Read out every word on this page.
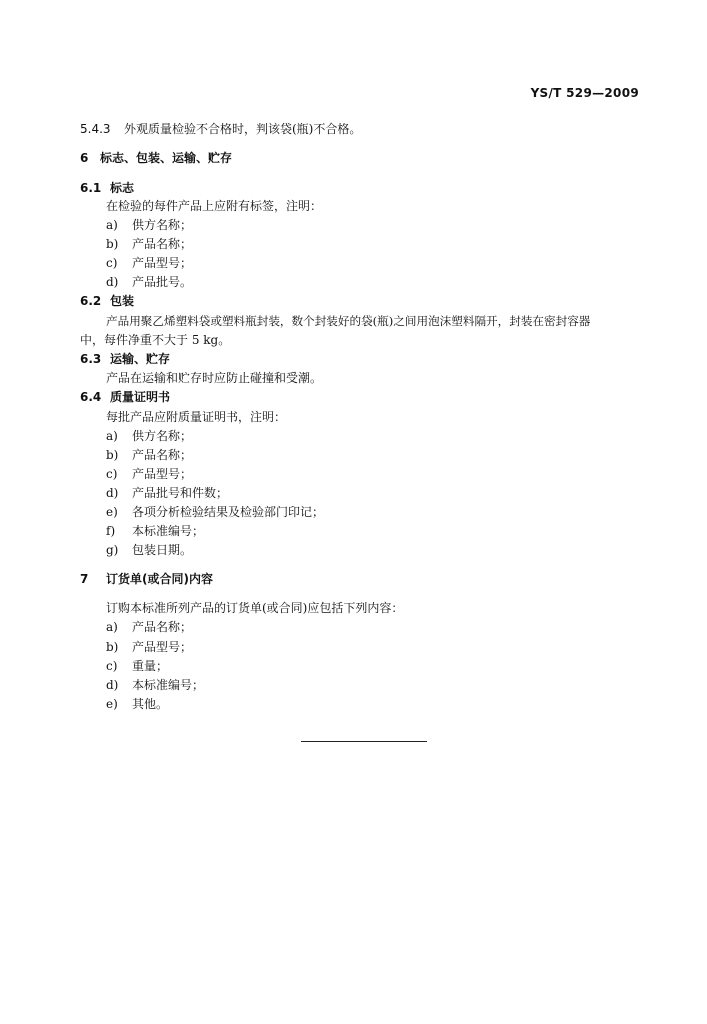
YS/T 529—2009
5.4.3 外观质量检验不合格时，判该袋(瓶)不合格。
6 标志、包装、运输、贮存
6.1 标志
在检验的每件产品上应附有标签，注明：
a) 供方名称；
b) 产品名称；
c) 产品型号；
d) 产品批号。
6.2 包装
产品用聚乙烯塑料袋或塑料瓶封装，数个封装好的袋(瓶)之间用泡沫塑料隔开，封装在密封容器
中，每件净重不大于 5 kg。
6.3 运输、贮存
产品在运输和贮存时应防止碰撞和受潮。
6.4 质量证明书
每批产品应附质量证明书，注明：
a) 供方名称；
b) 产品名称；
c) 产品型号；
d) 产品批号和件数；
e) 各项分析检验结果及检验部门印记；
f) 本标准编号；
g) 包装日期。
7 订货单(或合同)内容
订购本标准所列产品的订货单(或合同)应包括下列内容：
a) 产品名称；
b) 产品型号；
c) 重量；
d) 本标准编号；
e) 其他。
